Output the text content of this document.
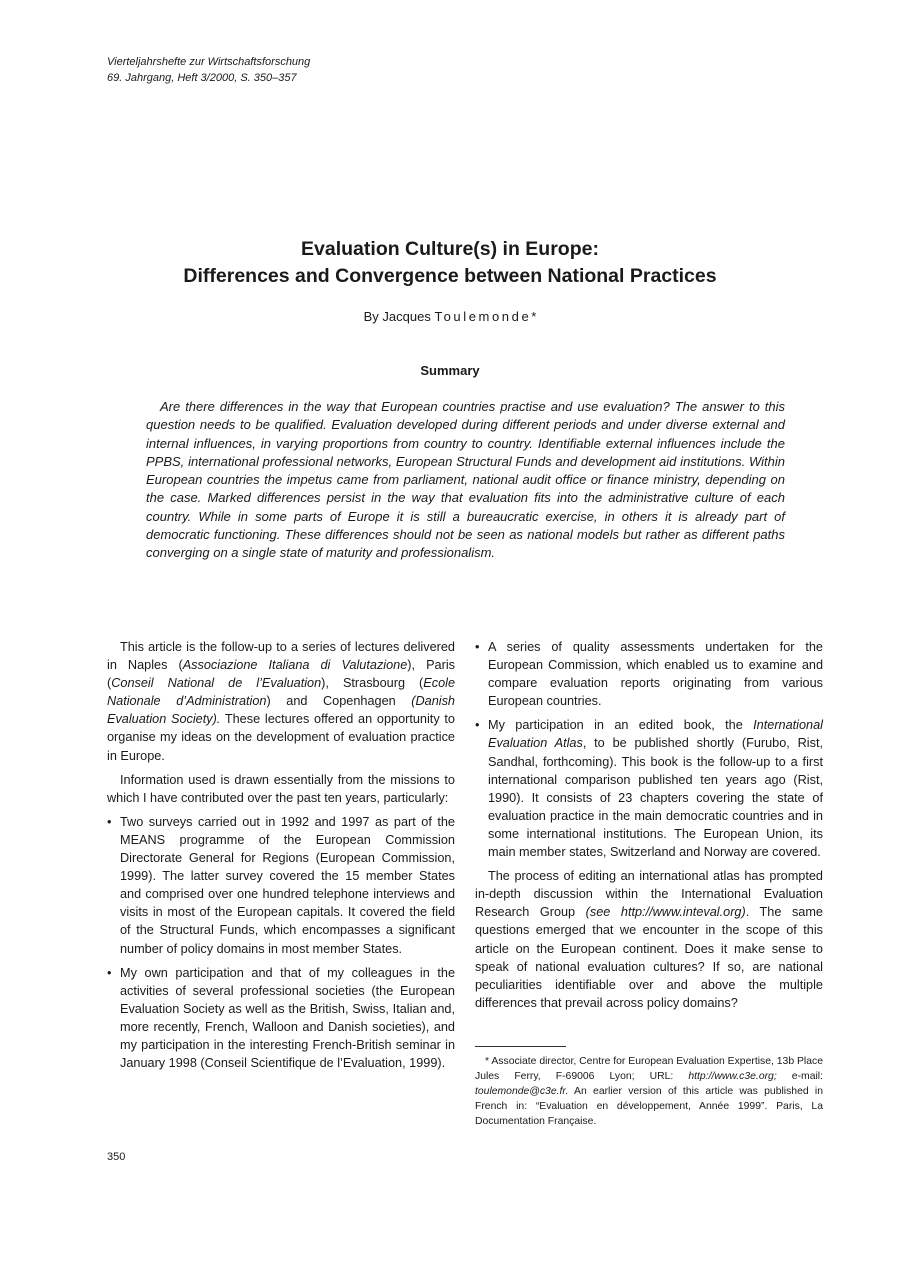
Vierteljahrshefte zur Wirtschaftsforschung
69. Jahrgang, Heft 3/2000, S. 350–357
Evaluation Culture(s) in Europe:
Differences and Convergence between National Practices
By Jacques Toulemonde*
Summary

Are there differences in the way that European countries practise and use evaluation? The answer to this question needs to be qualified. Evaluation developed during different periods and under diverse external and internal influences, in varying proportions from country to country. Identifiable external influences include the PPBS, international professional networks, European Structural Funds and development aid institutions. Within European countries the impetus came from parliament, national audit office or finance ministry, depending on the case. Marked differences persist in the way that evaluation fits into the administrative culture of each country. While in some parts of Europe it is still a bureaucratic exercise, in others it is already part of democratic functioning. These differences should not be seen as national models but rather as different paths converging on a single state of maturity and professionalism.

This article is the follow-up to a series of lectures delivered in Naples (Associazione Italiana di Valutazione), Paris (Conseil National de l’Evaluation), Strasbourg (Ecole Nationale d’Administration) and Copenhagen (Danish Evaluation Society). These lectures offered an opportunity to organise my ideas on the development of evaluation practice in Europe.

Information used is drawn essentially from the missions to which I have contributed over the past ten years, particularly:

• Two surveys carried out in 1992 and 1997 as part of the MEANS programme of the European Commission Directorate General for Regions (European Commission, 1999). The latter survey covered the 15 member States and comprised over one hundred telephone interviews and visits in most of the European capitals. It covered the field of the Structural Funds, which encompasses a significant number of policy domains in most member States.
• My own participation and that of my colleagues in the activities of several professional societies (the European Evaluation Society as well as the British, Swiss, Italian and, more recently, French, Walloon and Danish societies), and my participation in the interesting French-British seminar in January 1998 (Conseil Scientifique de l’Evaluation, 1999).
• A series of quality assessments undertaken for the European Commission, which enabled us to examine and compare evaluation reports originating from various European countries.
• My participation in an edited book, the International Evaluation Atlas, to be published shortly (Furubo, Rist, Sandhal, forthcoming). This book is the follow-up to a first international comparison published ten years ago (Rist, 1990). It consists of 23 chapters covering the state of evaluation practice in the main democratic countries and in some international institutions. The European Union, its main member states, Switzerland and Norway are covered.

The process of editing an international atlas has prompted in-depth discussion within the International Evaluation Research Group (see http://www.inteval.org). The same questions emerged that we encounter in the scope of this article on the European continent. Does it make sense to speak of national evaluation cultures? If so, are national peculiarities identifiable over and above the multiple differences that prevail across policy domains?

* Associate director, Centre for European Evaluation Expertise, 13b Place Jules Ferry, F-69006 Lyon; URL: http://www.c3e.org; e-mail: toulemonde@c3e.fr. An earlier version of this article was published in French in: “Evaluation en développement, Année 1999”. Paris, La Documentation Française.

350
